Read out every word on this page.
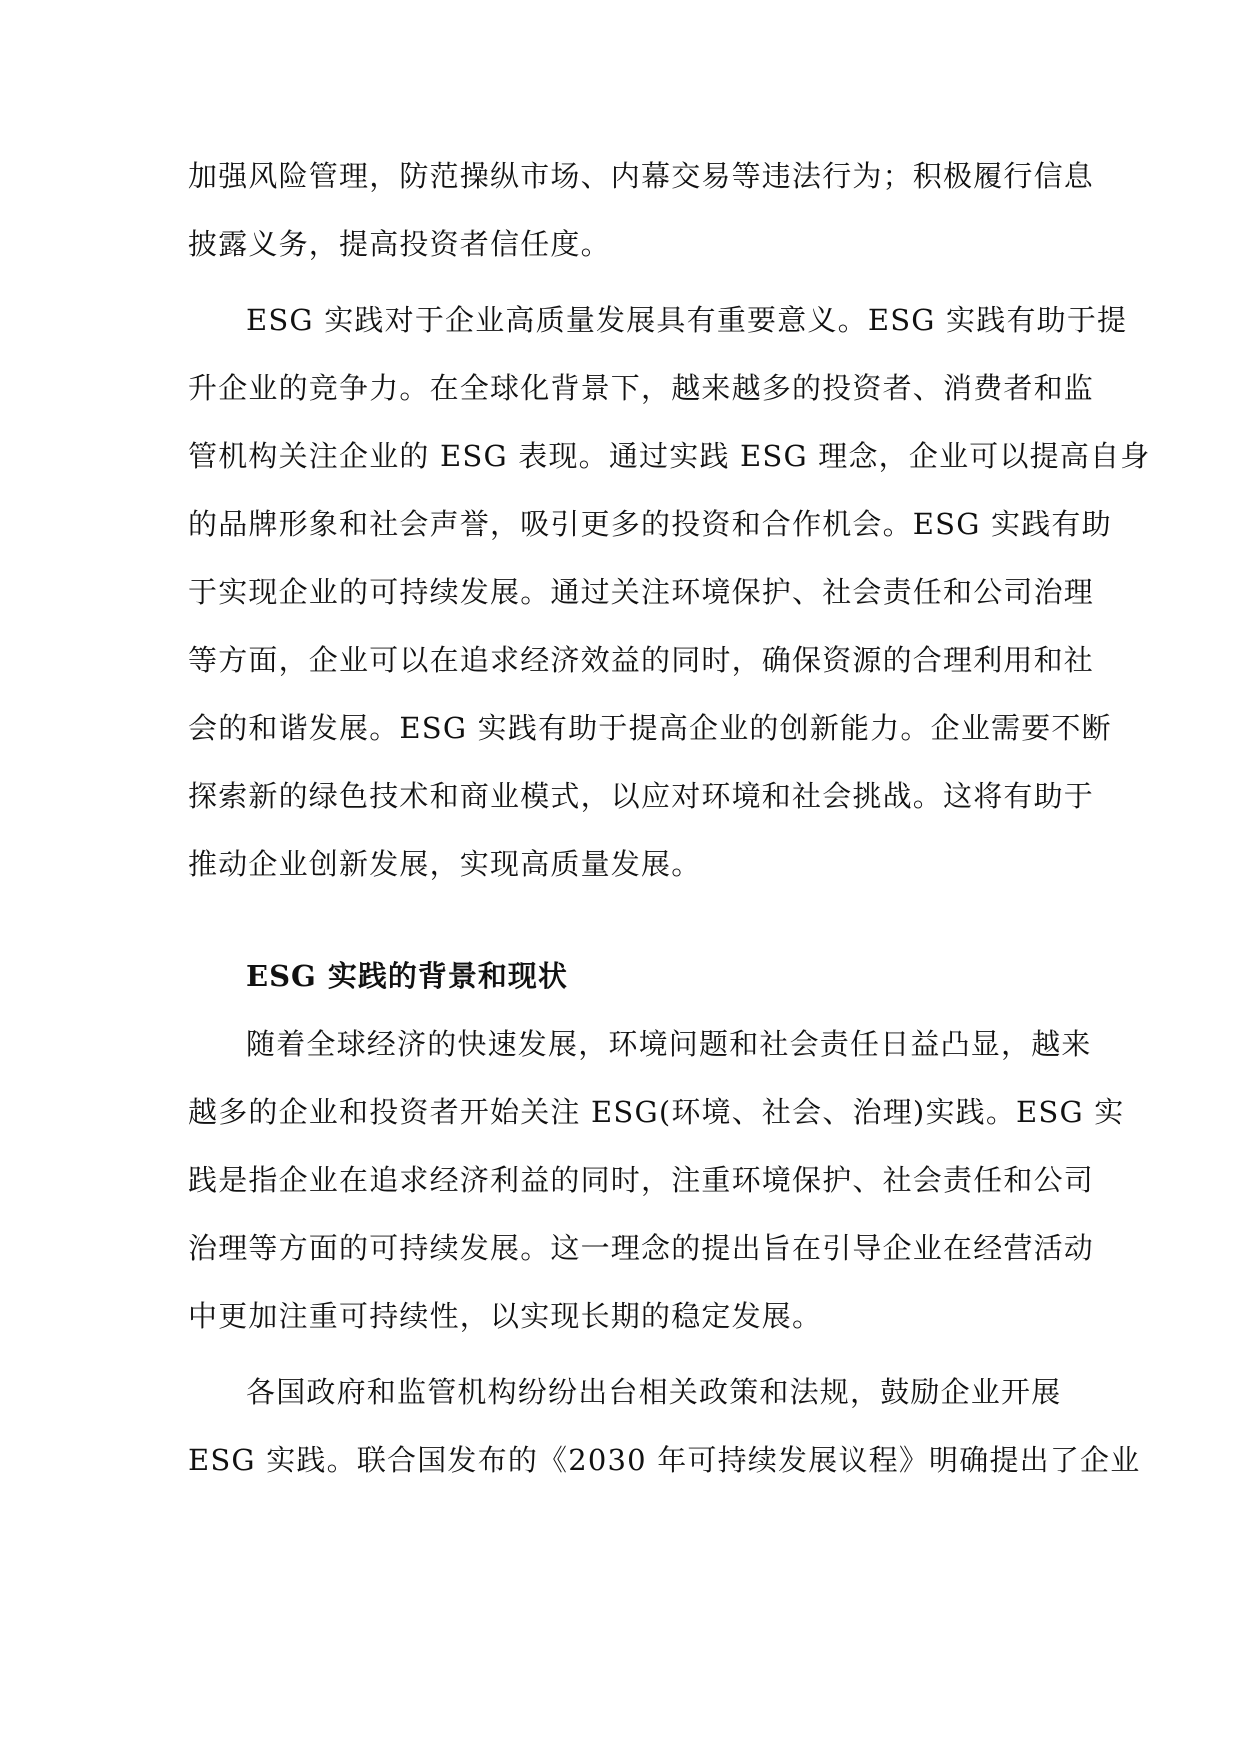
加强风险管理，防范操纵市场、内幕交易等违法行为；积极履行信息
披露义务，提高投资者信任度。

ESG 实践对于企业高质量发展具有重要意义。ESG 实践有助于提
升企业的竞争力。在全球化背景下，越来越多的投资者、消费者和监
管机构关注企业的 ESG 表现。通过实践 ESG 理念，企业可以提高自身
的品牌形象和社会声誉，吸引更多的投资和合作机会。ESG 实践有助
于实现企业的可持续发展。通过关注环境保护、社会责任和公司治理
等方面，企业可以在追求经济效益的同时，确保资源的合理利用和社
会的和谐发展。ESG 实践有助于提高企业的创新能力。企业需要不断
探索新的绿色技术和商业模式，以应对环境和社会挑战。这将有助于
推动企业创新发展，实现高质量发展。

ESG 实践的背景和现状

随着全球经济的快速发展，环境问题和社会责任日益凸显，越来
越多的企业和投资者开始关注 ESG(环境、社会、治理)实践。ESG 实
践是指企业在追求经济利益的同时，注重环境保护、社会责任和公司
治理等方面的可持续发展。这一理念的提出旨在引导企业在经营活动
中更加注重可持续性，以实现长期的稳定发展。

各国政府和监管机构纷纷出台相关政策和法规，鼓励企业开展
ESG 实践。联合国发布的《2030 年可持续发展议程》明确提出了企业
